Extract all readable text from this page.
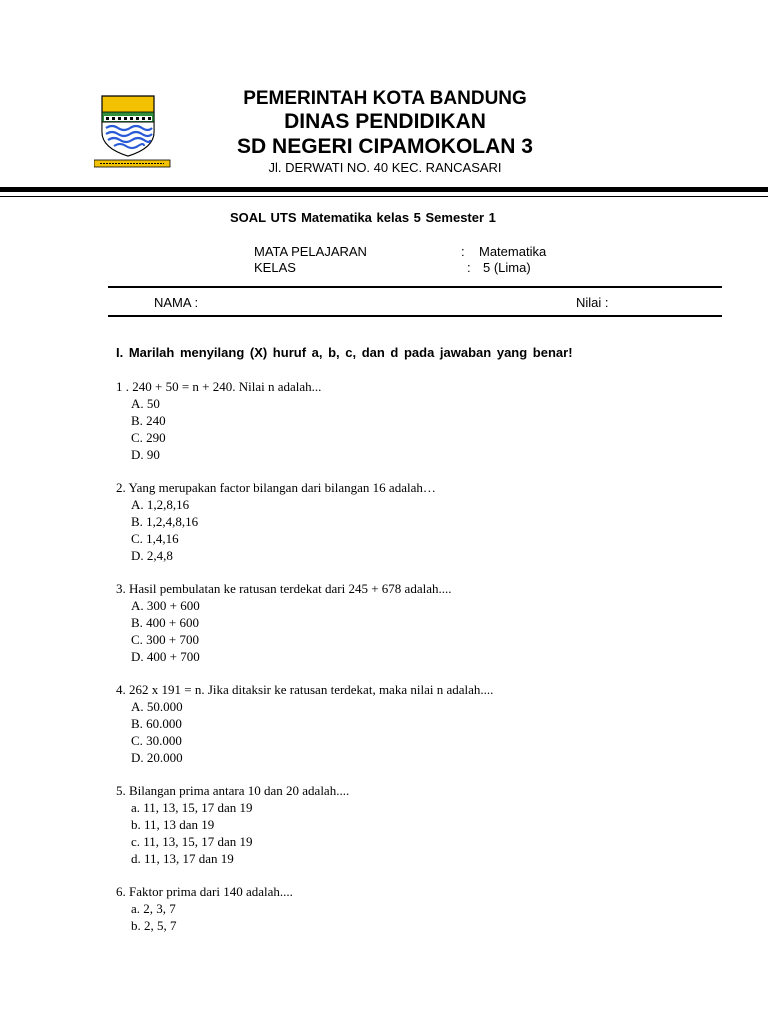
PEMERINTAH KOTA BANDUNG
DINAS PENDIDIKAN
SD NEGERI CIPAMOKOLAN 3
Jl. DERWATI NO. 40 KEC. RANCASARI
SOAL UTS Matematika kelas 5 Semester 1
MATA PELAJARAN	: Matematika
KELAS	: 5 (Lima)
NAMA :	Nilai :
I. Marilah menyilang (X) huruf a, b, c, dan d pada jawaban yang benar!
1 . 240 + 50 = n + 240. Nilai n adalah...
A. 50
B. 240
C. 290
D. 90
2. Yang merupakan factor bilangan dari bilangan 16 adalah…
A. 1,2,8,16
B. 1,2,4,8,16
C. 1,4,16
D. 2,4,8
3. Hasil pembulatan ke ratusan terdekat dari 245 + 678 adalah....
A. 300 + 600
B. 400 + 600
C. 300 + 700
D. 400 + 700
4. 262 x 191 = n. Jika ditaksir ke ratusan terdekat, maka nilai n adalah....
A. 50.000
B. 60.000
C. 30.000
D. 20.000
5. Bilangan prima antara 10 dan 20 adalah....
a. 11, 13, 15, 17 dan 19
b. 11, 13 dan 19
c. 11, 13, 15, 17 dan 19
d. 11, 13, 17 dan 19
6. Faktor prima dari 140 adalah....
a. 2, 3, 7
b. 2, 5, 7
